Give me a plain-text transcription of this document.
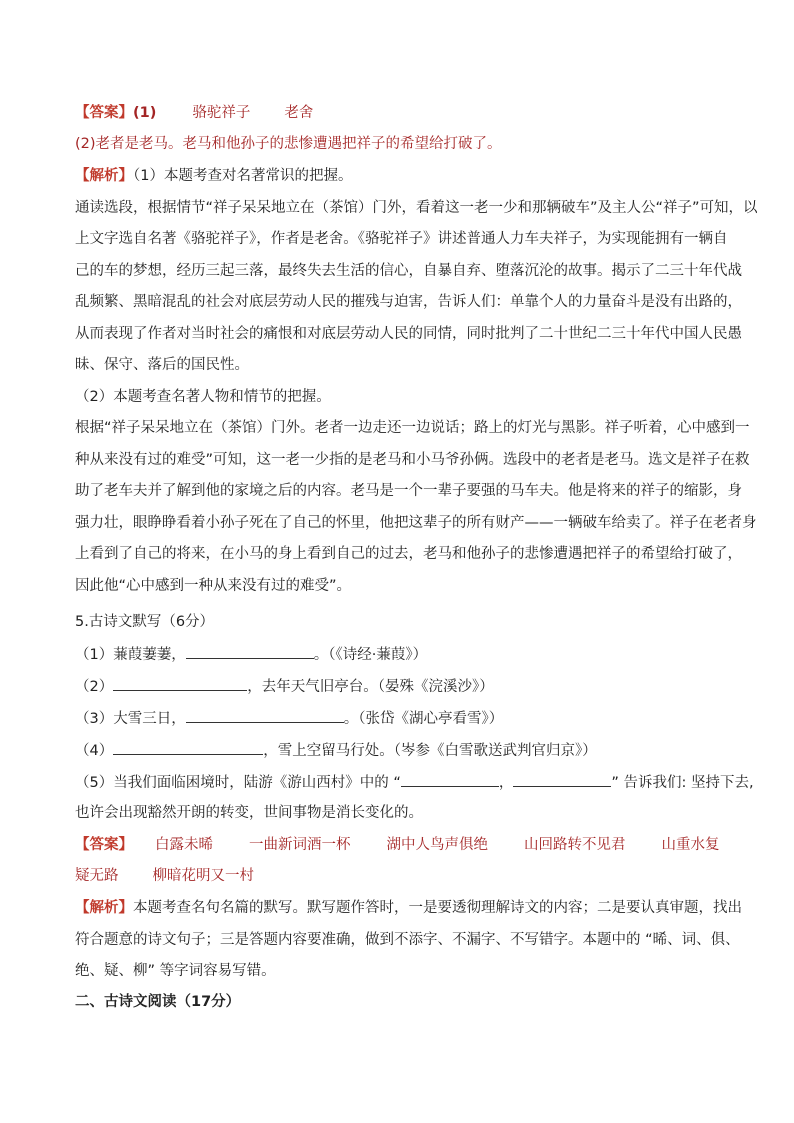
【答案】(1) 骆驼祥子 老舍
(2)老者是老马。老马和他孙子的悲惨遭遇把祥子的希望给打破了。
【解析】（1）本题考查对名著常识的把握。
通读选段，根据情节“祥子呆呆地立在（茶馆）门外，看着这一老一少和那辆破车”及主人公“祥子”可知，以
上文字选自名著《骆驼祥子》，作者是老舍。《骆驼祥子》讲述普通人力车夫祥子，为实现能拥有一辆自
己的车的梦想，经历三起三落，最终失去生活的信心，自暴自弃、堕落沉沦的故事。揭示了二三十年代战
乱频繁、黑暗混乱的社会对底层劳动人民的摧残与迫害，告诉人们：单靠个人的力量奋斗是没有出路的，
从而表现了作者对当时社会的痛恨和对底层劳动人民的同情，同时批判了二十世纪二三十年代中国人民愚
昧、保守、落后的国民性。
（2）本题考查名著人物和情节的把握。
根据“祥子呆呆地立在（茶馆）门外。老者一边走还一边说话；路上的灯光与黑影。祥子听着，心中感到一
种从来没有过的难受”可知，这一老一少指的是老马和小马爷孙俩。选段中的老者是老马。选文是祥子在救
助了老车夫并了解到他的家境之后的内容。老马是一个一辈子要强的马车夫。他是将来的祥子的缩影，身
强力壮，眼睁睁看着小孙子死在了自己的怀里，他把这辈子的所有财产——一辆破车给卖了。祥子在老者身
上看到了自己的将来，在小马的身上看到自己的过去，老马和他孙子的悲惨遭遇把祥子的希望给打破了，
因此他“心中感到一种从来没有过的难受”。
5.古诗文默写（6分）
（1）蒹葭萋萋，	。（《诗经·蒹葭》）
（2）	，去年天气旧亭台。（晏殊《浣溪沙》）
（3）大雪三日，	。（张岱《湖心亭看雪》）
（4）	，雪上空留马行处。（岑参《白雪歌送武判官归京》）
（5）当我们面临困境时，陆游《游山西村》中的 “	，	” 告诉我们: 坚持下去,
也许会出现豁然开朗的转变，世间事物是消长变化的。
【答案】 白露未晞 一曲新词酒一杯 湖中人鸟声俱绝 山回路转不见君 山重水复
疑无路 柳暗花明又一村
【解析】本题考查名句名篇的默写。默写题作答时，一是要透彻理解诗文的内容；二是要认真审题，找出
符合题意的诗文句子；三是答题内容要准确，做到不添字、不漏字、不写错字。本题中的 “晞、词、俱、
绝、疑、柳” 等字词容易写错。
二、古诗文阅读（17分）
